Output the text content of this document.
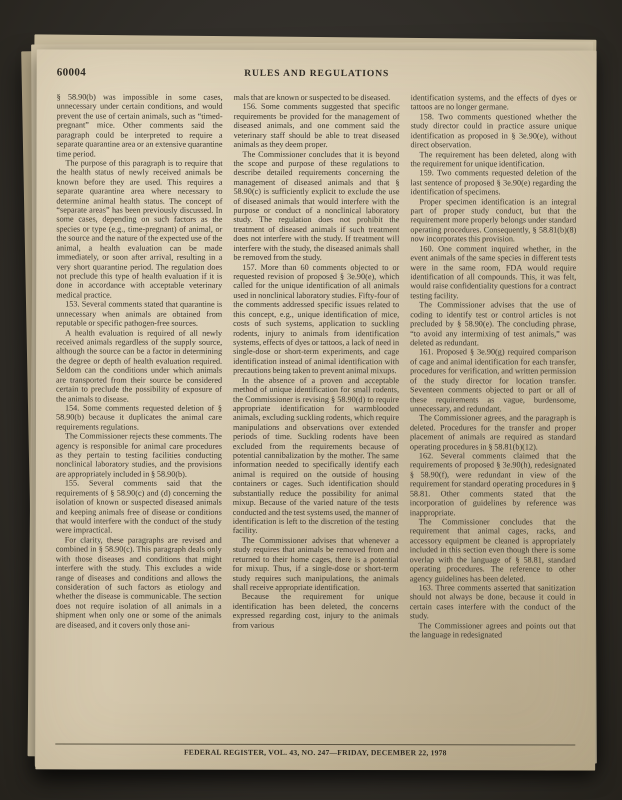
60004	RULES AND REGULATIONS

§ 58.90(b) was impossible in some cases, unnecessary under certain conditions, and would prevent the use of certain animals, such as “timed-pregnant” mice. Other comments said the paragraph could be interpreted to require a separate quarantine area or an extensive quarantine time period.

The purpose of this paragraph is to require that the health status of newly received animals be known before they are used. This requires a separate quarantine area where necessary to determine animal health status. The concept of “separate areas” has been previously discussed. In some cases, depending on such factors as the species or type (e.g., time-pregnant) of animal, or the source and the nature of the expected use of the animal, a health evaluation can be made immediately, or soon after arrival, resulting in a very short quarantine period. The regulation does not preclude this type of health evaluation if it is done in accordance with acceptable veterinary medical practice.

153. Several comments stated that quarantine is unnecessary when animals are obtained from reputable or specific pathogen-free sources.

A health evaluation is required of all newly received animals regardless of the supply source, although the source can be a factor in determining the degree or depth of health evaluation required. Seldom can the conditions under which animals are transported from their source be considered certain to preclude the possibility of exposure of the animals to disease.

154. Some comments requested deletion of § 58.90(b) because it duplicates the animal care requirements regulations.

The Commissioner rejects these comments. The agency is responsible for animal care procedures as they pertain to testing facilities conducting nonclinical laboratory studies, and the provisions are appropriately included in § 58.90(b).

155. Several comments said that the requirements of § 58.90(c) and (d) concerning the isolation of known or suspected diseased animals and keeping animals free of disease or conditions that would interfere with the conduct of the study were impractical.

For clarity, these paragraphs are revised and combined in § 58.90(c). This paragraph deals only with those diseases and conditions that might interfere with the study. This excludes a wide range of diseases and conditions and allows the consideration of such factors as etiology and whether the disease is communicable. The section does not require isolation of all animals in a shipment when only one or some of the animals are diseased, and it covers only those ani-

mals that are known or suspected to be diseased.

156. Some comments suggested that specific requirements be provided for the management of diseased animals, and one comment said the veterinary staff should be able to treat diseased animals as they deem proper.

The Commissioner concludes that it is beyond the scope and purpose of these regulations to describe detailed requirements concerning the management of diseased animals and that § 58.90(c) is sufficiently explicit to exclude the use of diseased animals that would interfere with the purpose or conduct of a nonclinical laboratory study. The regulation does not prohibit the treatment of diseased animals if such treatment does not interfere with the study. If treatment will interfere with the study, the diseased animals shall be removed from the study.

157. More than 60 comments objected to or requested revision of proposed § 3e.90(e), which called for the unique identification of all animals used in nonclinical laboratory studies. Fifty-four of the comments addressed specific issues related to this concept, e.g., unique identification of mice, costs of such systems, application to suckling rodents, injury to animals from identification systems, effects of dyes or tattoos, a lack of need in single-dose or short-term experiments, and cage identification instead of animal identification with precautions being taken to prevent animal mixups.

In the absence of a proven and acceptable method of unique identification for small rodents, the Commissioner is revising § 58.90(d) to require appropriate identification for warmblooded animals, excluding suckling rodents, which require manipulations and observations over extended periods of time. Suckling rodents have been excluded from the requirements because of potential cannibalization by the mother. The same information needed to specifically identify each animal is required on the outside of housing containers or cages. Such identification should substantially reduce the possibility for animal mixup. Because of the varied nature of the tests conducted and the test systems used, the manner of identification is left to the discretion of the testing facility.

The Commissioner advises that whenever a study requires that animals be removed from and returned to their home cages, there is a potential for mixup. Thus, if a single-dose or short-term study requires such manipulations, the animals shall receive appropriate identification.

Because the requirement for unique identification has been deleted, the concerns expressed regarding cost, injury to the animals from various

identification systems, and the effects of dyes or tattoos are no longer germane.

158. Two comments questioned whether the study director could in practice assure unique identification as proposed in § 3e.90(e), without direct observation.

The requirement has been deleted, along with the requirement for unique identification.

159. Two comments requested deletion of the last sentence of proposed § 3e.90(e) regarding the identification of specimens.

Proper specimen identification is an integral part of proper study conduct, but that the requirement more properly belongs under standard operating procedures. Consequently, § 58.81(b)(8) now incorporates this provision.

160. One comment inquired whether, in the event animals of the same species in different tests were in the same room, FDA would require identification of all compounds. This, it was felt, would raise confidentiality questions for a contract testing facility.

The Commissioner advises that the use of coding to identify test or control articles is not precluded by § 58.90(e). The concluding phrase, “to avoid any intermixing of test animals,” was deleted as redundant.

161. Proposed § 3e.90(g) required comparison of cage and animal identification for each transfer, procedures for verification, and written permission of the study director for location transfer. Seventeen comments objected to part or all of these requirements as vague, burdensome, unnecessary, and redundant.

The Commissioner agrees, and the paragraph is deleted. Procedures for the transfer and proper placement of animals are required as standard operating procedures in § 58.81(b)(12).

162. Several comments claimed that the requirements of proposed § 3e.90(h), redesignated § 58.90(f), were redundant in view of the requirement for standard operating procedures in § 58.81. Other comments stated that the incorporation of guidelines by reference was inappropriate.

The Commissioner concludes that the requirement that animal cages, racks, and accessory equipment be cleaned is appropriately included in this section even though there is some overlap with the language of § 58.81, standard operating procedures. The reference to other agency guidelines has been deleted.

163. Three comments asserted that sanitization should not always be done, because it could in certain cases interfere with the conduct of the study.

The Commissioner agrees and points out that the language in redesignated

FEDERAL REGISTER, VOL. 43, NO. 247—FRIDAY, DECEMBER 22, 1978
